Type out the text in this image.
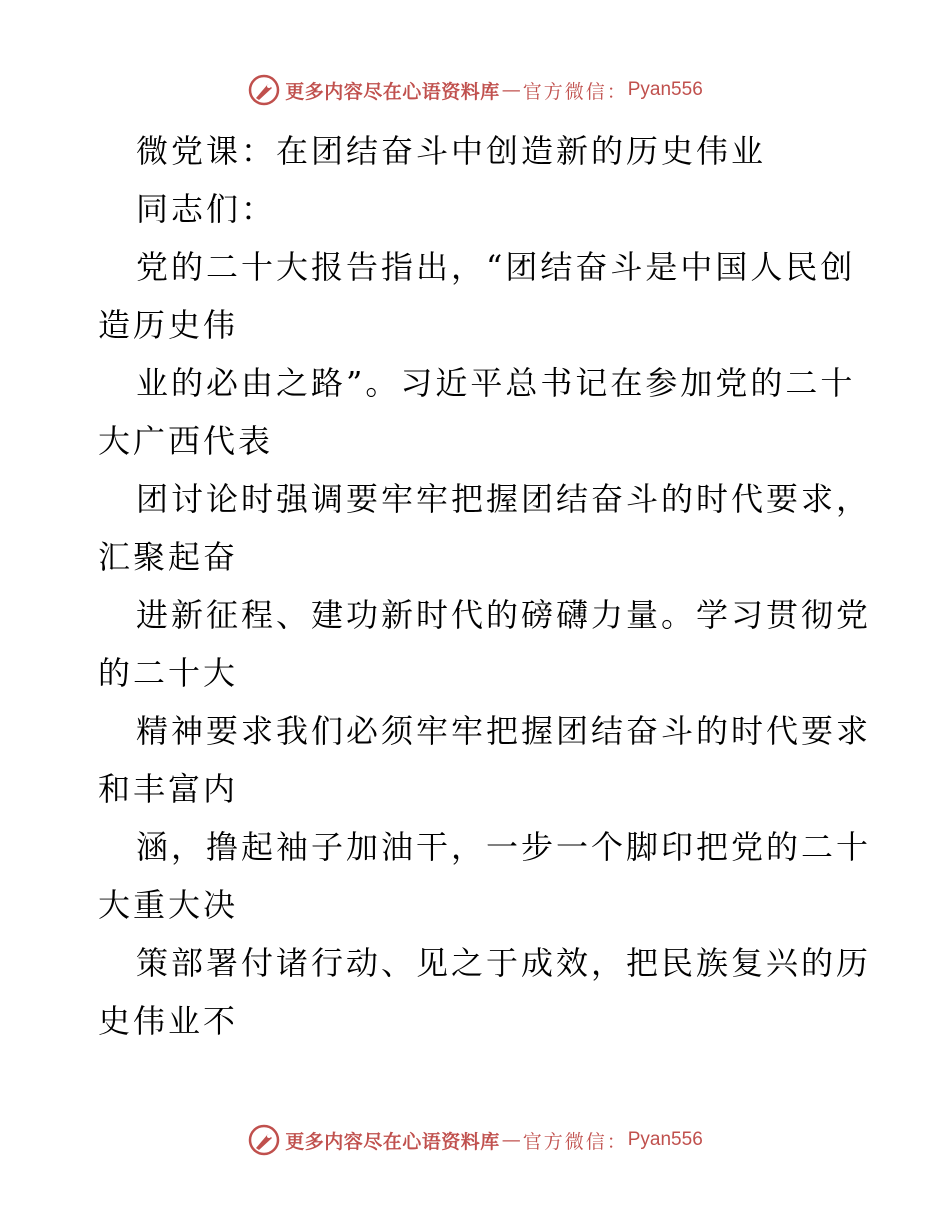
更多内容尽在心语资料库 — 官方微信： Pyan556
微党课：在团结奋斗中创造新的历史伟业
同志们：
党的二十大报告指出，“团结奋斗是中国人民创
造历史伟
业的必由之路”。习近平总书记在参加党的二十
大广西代表
团讨论时强调要牢牢把握团结奋斗的时代要求，
汇聚起奋
进新征程、建功新时代的磅礴力量。学习贯彻党
的二十大
精神要求我们必须牢牢把握团结奋斗的时代要求
和丰富内
涵，撸起袖子加油干，一步一个脚印把党的二十
大重大决
策部署付诸行动、见之于成效，把民族复兴的历
史伟业不
更多内容尽在心语资料库 — 官方微信： Pyan556
